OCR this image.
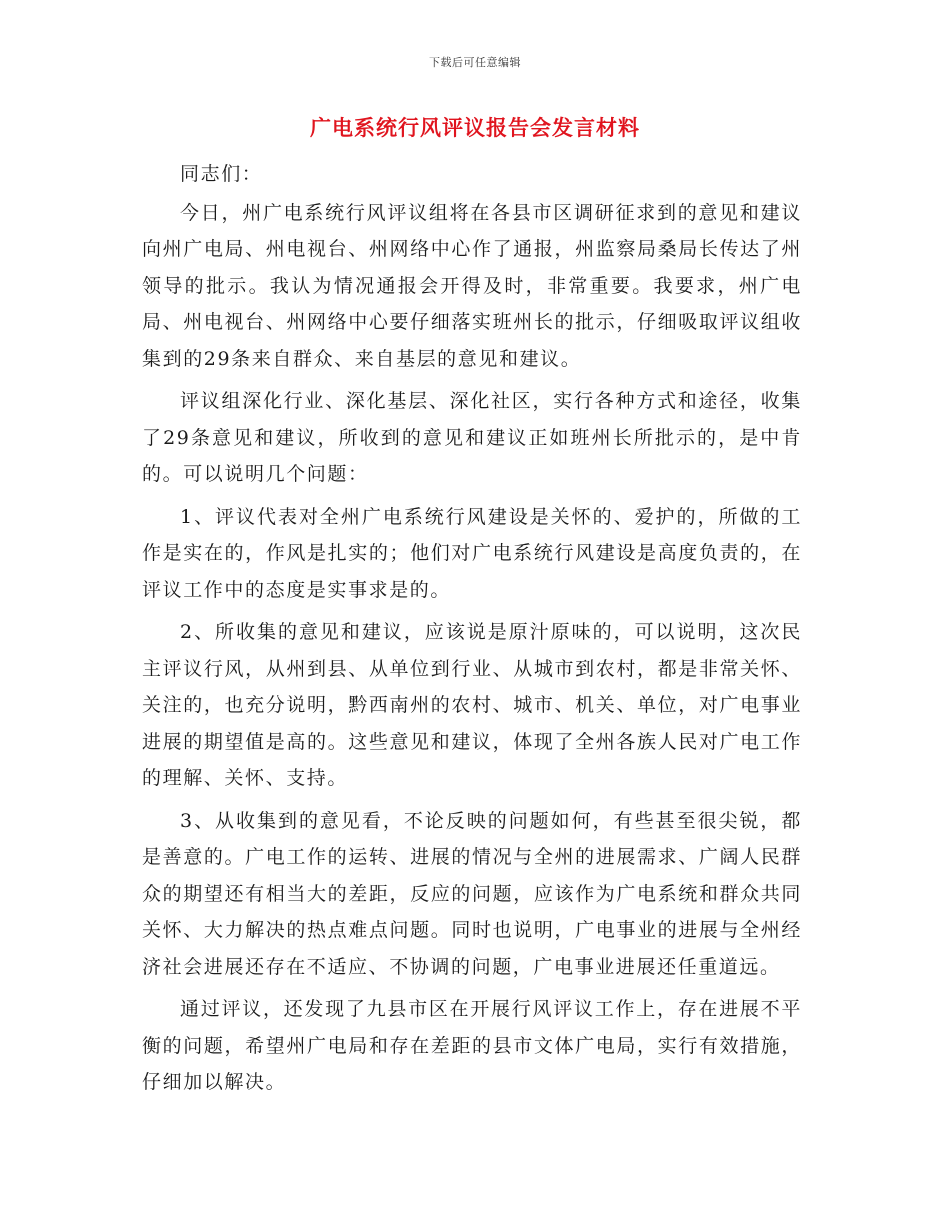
下载后可任意编辑
广电系统行风评议报告会发言材料

同志们：

今日，州广电系统行风评议组将在各县市区调研征求到的意见和建议向州广电局、州电视台、州网络中心作了通报，州监察局桑局长传达了州领导的批示。我认为情况通报会开得及时，非常重要。我要求，州广电局、州电视台、州网络中心要仔细落实班州长的批示，仔细吸取评议组收集到的29条来自群众、来自基层的意见和建议。

评议组深化行业、深化基层、深化社区，实行各种方式和途径，收集了29条意见和建议，所收到的意见和建议正如班州长所批示的，是中肯的。可以说明几个问题：

1、评议代表对全州广电系统行风建设是关怀的、爱护的，所做的工作是实在的，作风是扎实的；他们对广电系统行风建设是高度负责的，在评议工作中的态度是实事求是的。

2、所收集的意见和建议，应该说是原汁原味的，可以说明，这次民主评议行风，从州到县、从单位到行业、从城市到农村，都是非常关怀、关注的，也充分说明，黔西南州的农村、城市、机关、单位，对广电事业进展的期望值是高的。这些意见和建议，体现了全州各族人民对广电工作的理解、关怀、支持。

3、从收集到的意见看，不论反映的问题如何，有些甚至很尖锐，都是善意的。广电工作的运转、进展的情况与全州的进展需求、广阔人民群众的期望还有相当大的差距，反应的问题，应该作为广电系统和群众共同关怀、大力解决的热点难点问题。同时也说明，广电事业的进展与全州经济社会进展还存在不适应、不协调的问题，广电事业进展还任重道远。

通过评议，还发现了九县市区在开展行风评议工作上，存在进展不平衡的问题，希望州广电局和存在差距的县市文体广电局，实行有效措施，仔细加以解决。
